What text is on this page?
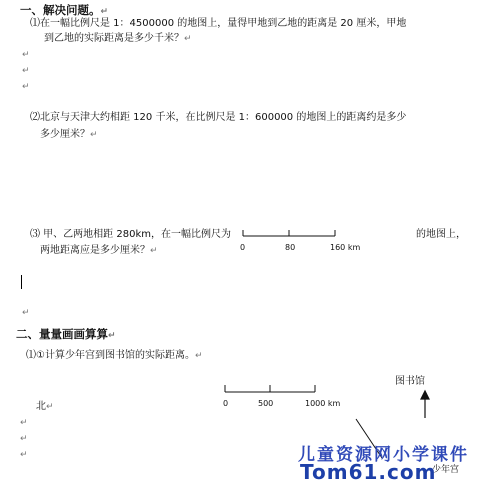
一、解决问题。↵
⑴在一幅比例尺是 1：4500000 的地图上，量得甲地到乙地的距离是 20 厘米，甲地
到乙地的实际距离是多少千米？↵
↵
↵
↵
⑵北京与天津大约相距 120 千米，在比例尺是 1：600000 的地图上的距离约是多少
多少厘米？↵
⑶ 甲、乙两地相距 280km，在一幅比例尺为	的地图上，
两地距离应是多少厘米？↵	0	80	160 km
↵
二、量量画画算算↵
⑴①计算少年宫到图书馆的实际距离。↵
图书馆
北↵	0	500	1000 km
↵
↵
↵
少年宫
儿童资源网小学课件
Tom61.com
